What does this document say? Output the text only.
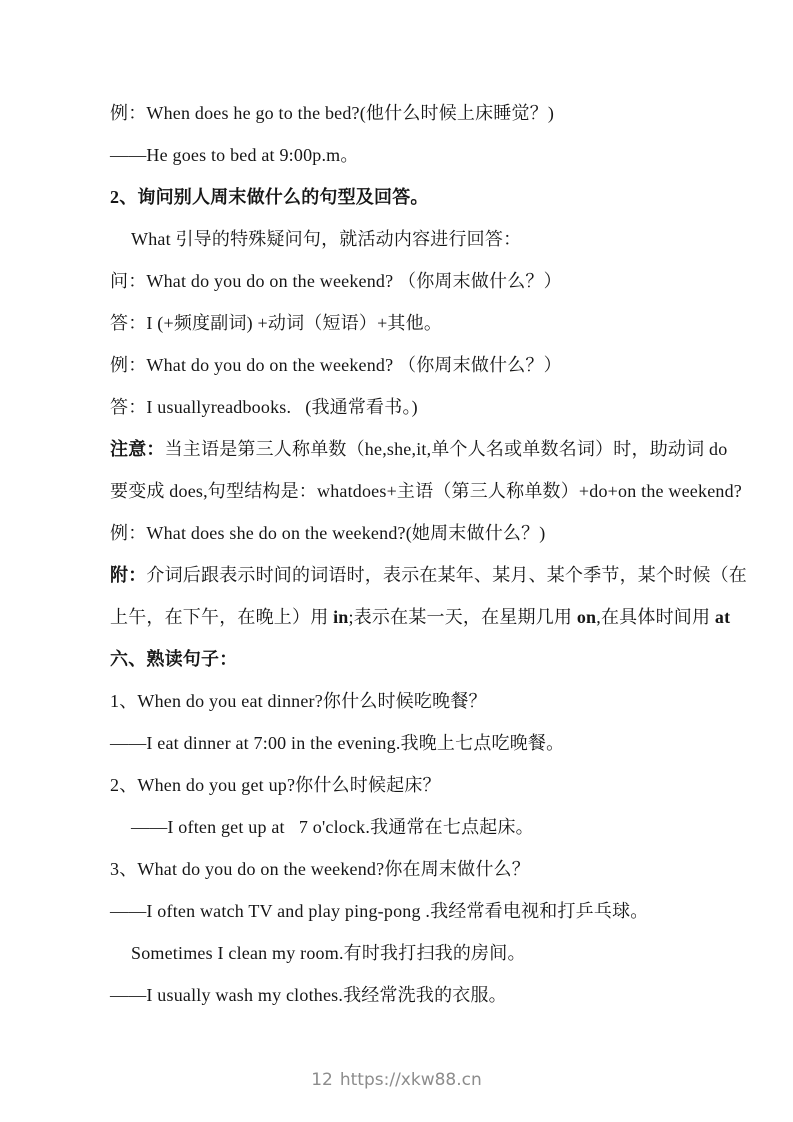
例：When does he go to the bed?(他什么时候上床睡觉？)

——He goes to bed at 9:00p.m。

2、询问别人周末做什么的句型及回答。

What 引导的特殊疑问句，就活动内容进行回答：

问：What do you do on the weekend? （你周末做什么？）

答：I (+频度副词) +动词（短语）+其他。

例：What do you do on the weekend? （你周末做什么？）

答：I usuallyreadbooks.   (我通常看书。)

注意：当主语是第三人称单数（he,she,it,单个人名或单数名词）时，助动词 do

要变成 does,句型结构是：whatdoes+主语（第三人称单数）+do+on the weekend?

例：What does she do on the weekend?(她周末做什么？)

附：介词后跟表示时间的词语时，表示在某年、某月、某个季节，某个时候（在

上午，在下午，在晚上）用 in;表示在某一天，在星期几用 on,在具体时间用 at

六、熟读句子：

1、When do you eat dinner?你什么时候吃晚餐？

——I eat dinner at 7:00 in the evening.我晚上七点吃晚餐。

2、When do you get up?你什么时候起床？

——I often get up at   7 o'clock.我通常在七点起床。

3、What do you do on the weekend?你在周末做什么？

——I often watch TV and play ping-pong .我经常看电视和打乒乓球。

Sometimes I clean my room.有时我打扫我的房间。

——I usually wash my clothes.我经常洗我的衣服。

12 https://xkw88.cn
